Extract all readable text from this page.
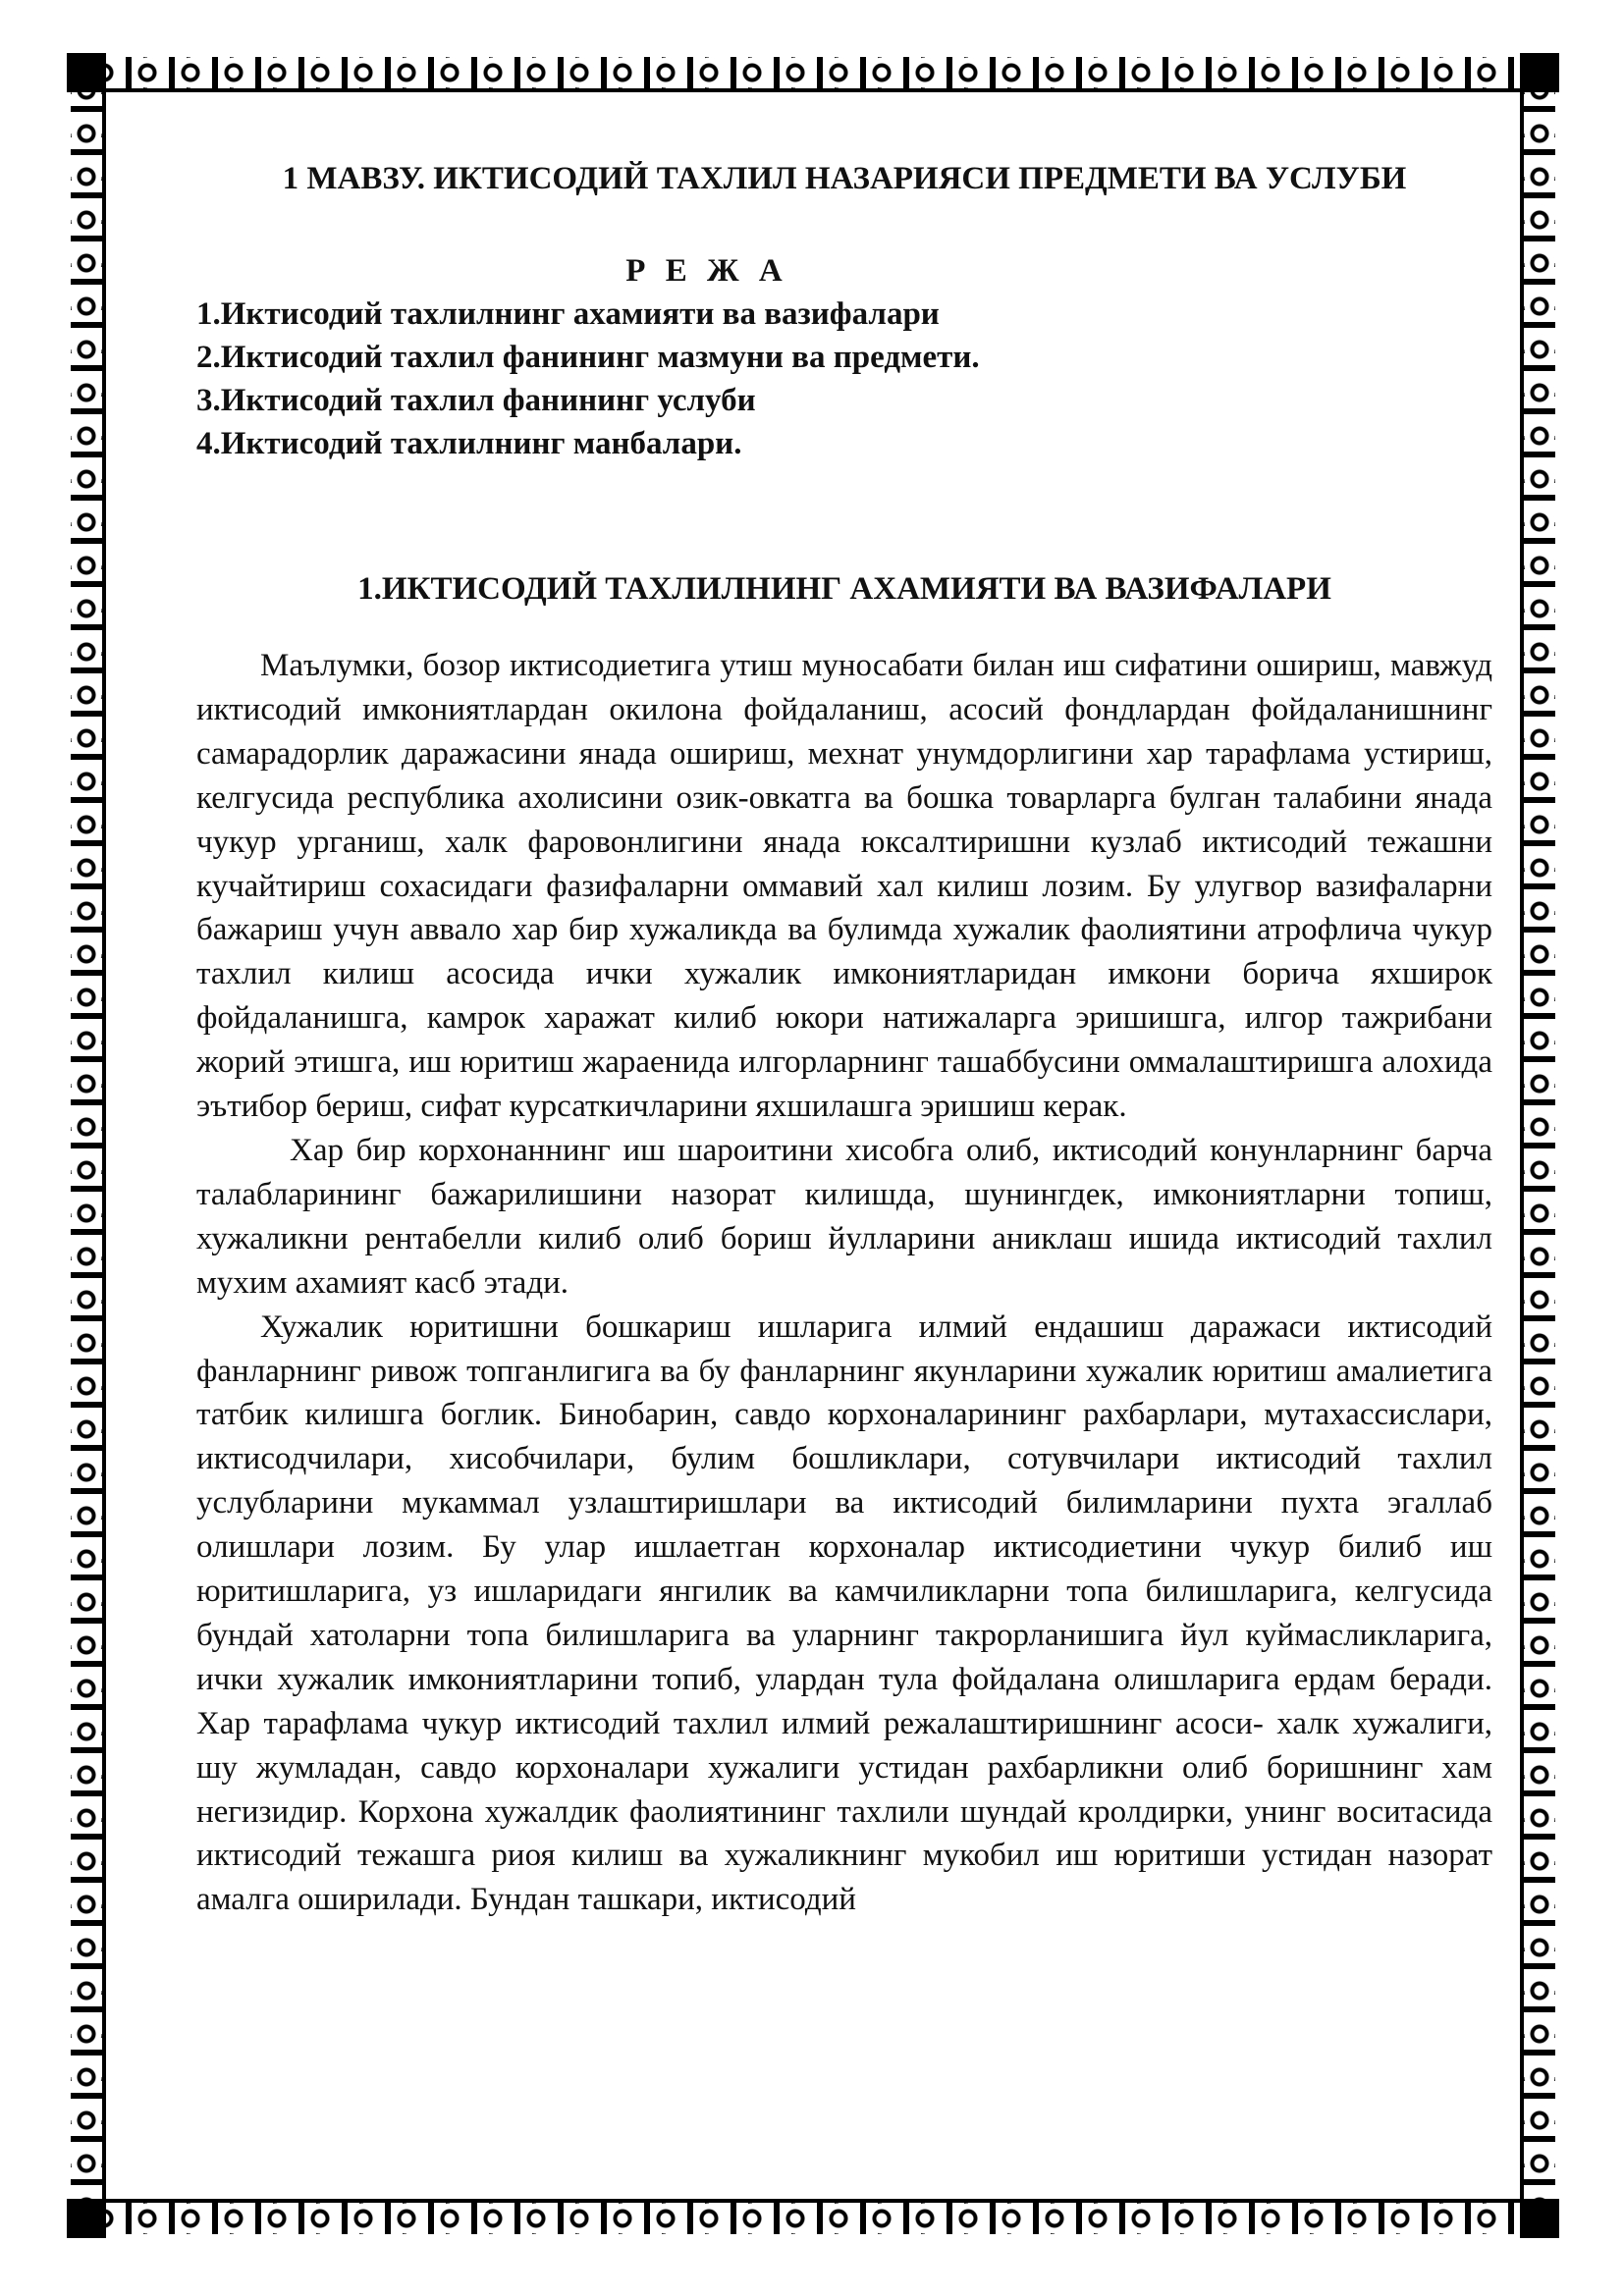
1 МАВЗУ. ИКТИСОДИЙ ТАХЛИЛ НАЗАРИЯСИ ПРЕДМЕТИ ВА УСЛУБИ
Р Е Ж А
1.Иктисодий тахлилнинг ахамияти ва вазифалари
2.Иктисодий тахлил фанининг мазмуни ва предмети.
3.Иктисодий тахлил фанининг услуби
4.Иктисодий тахлилнинг манбалари.
1.ИКТИСОДИЙ ТАХЛИЛНИНГ АХАМИЯТИ ВА ВАЗИФАЛАРИ

Маълумки, бозор иктисодиетига утиш муносабати билан иш сифатини ошириш, мавжуд иктисодий имкониятлардан окилона фойдаланиш, асосий фондлардан фойдаланишнинг самарадорлик даражасини янада ошириш, мехнат унумдорлигини хар тарафлама устириш, келгусида республика ахолисини озик-овкатга ва бошка товарларга булган талабини янада чукур урганиш, халк фаровонлигини янада юксалтиришни кузлаб иктисодий тежашни кучайтириш сохасидаги фазифаларни оммавий хал килиш лозим. Бу улугвор вазифаларни бажариш учун аввало хар бир хужаликда ва булимда хужалик фаолиятини атрофлича чукур тахлил килиш асосида ички хужалик имкониятларидан имкони борича яхширок фойдаланишга, камрок харажат килиб юкори натижаларга эришишга, илгор тажрибани жорий этишга, иш юритиш жараенида илгорларнинг ташаббусини оммалаштиришга алохида эътибор бериш, сифат курсаткичларини яхшилашга эришиш керак.

Хар бир корхонаннинг иш шароитини хисобга олиб, иктисодий конунларнинг барча талабларининг бажарилишини назорат килишда, шунингдек, имкониятларни топиш, хужаликни рентабелли килиб олиб бориш йулларини аниклаш ишида иктисодий тахлил мухим ахамият касб этади.

Хужалик юритишни бошкариш ишларига илмий ендашиш даражаси иктисодий фанларнинг ривож топганлигига ва бу фанларнинг якунларини хужалик юритиш амалиетига татбик килишга боглик. Бинобарин, савдо корхоналарининг рахбарлари, мутахассислари, иктисодчилари, хисобчилари, булим бошликлари, сотувчилари иктисодий тахлил услубларини мукаммал узлаштиришлари ва иктисодий билимларини пухта эгаллаб олишлари лозим. Бу улар ишлаетган корхоналар иктисодиетини чукур билиб иш юритишларига, уз ишларидаги янгилик ва камчиликларни топа билишларига, келгусида бундай хатоларни топа билишларига ва уларнинг такрорланишига йул куймасликларига, ички хужалик имкониятларини топиб, улардан тула фойдалана олишларига ердам беради. Хар тарафлама чукур иктисодий тахлил илмий режалаштиришнинг асоси- халк хужалиги, шу жумладан, савдо корхоналари хужалиги устидан рахбарликни олиб боришнинг хам негизидир. Корхона хужалдик фаолиятининг тахлили шундай кролдирки, унинг воситасида иктисодий тежашга риоя килиш ва хужаликнинг мукобил иш юритиши устидан назорат амалга оширилади. Бундан ташкари, иктисодий
